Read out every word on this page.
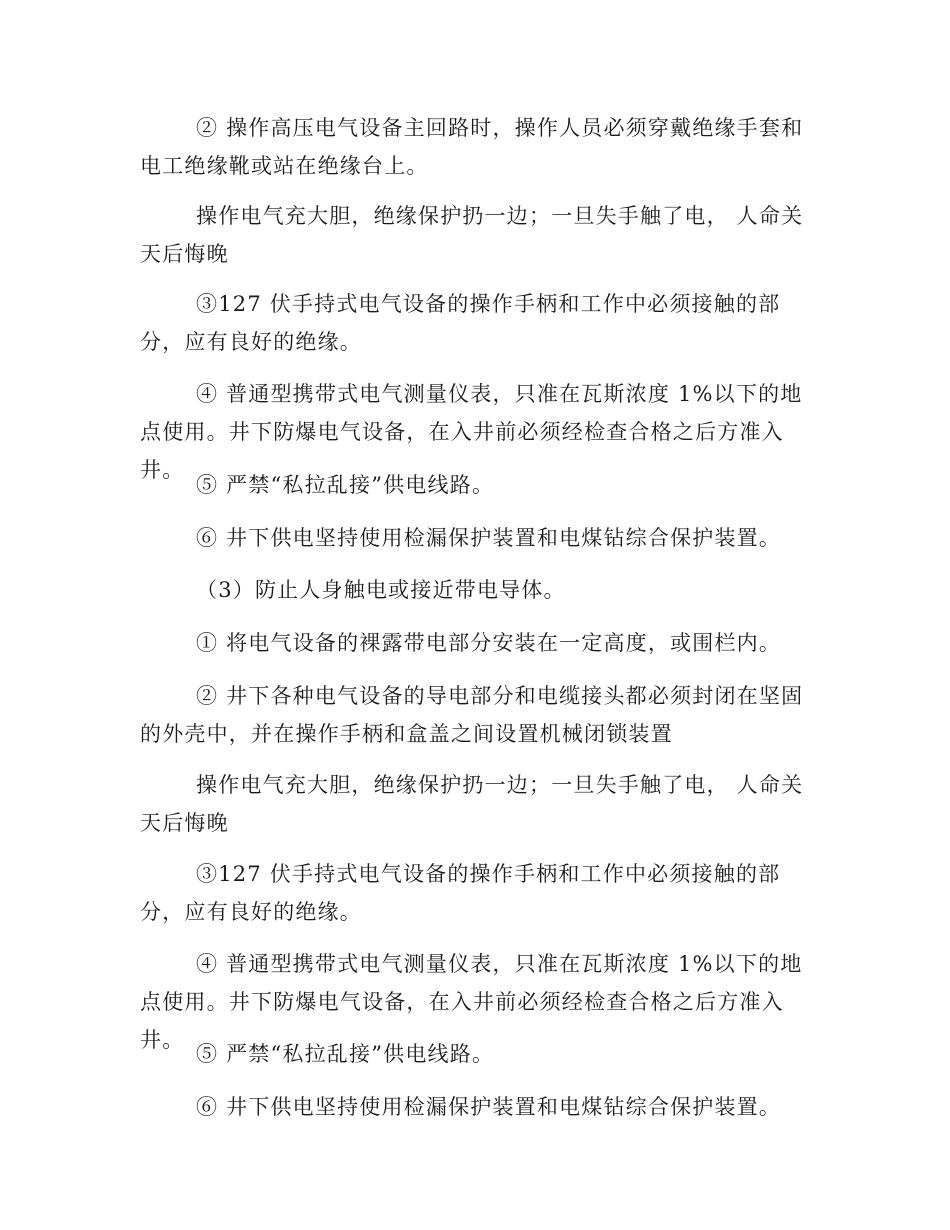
② 操作高压电气设备主回路时，操作人员必须穿戴绝缘手套和电工绝缘靴或站在绝缘台上。

操作电气充大胆，绝缘保护扔一边；一旦失手触了电， 人命关天后悔晚

③127 伏手持式电气设备的操作手柄和工作中必须接触的部分，应有良好的绝缘。

④ 普通型携带式电气测量仪表，只准在瓦斯浓度 1%以下的地点使用。井下防爆电气设备，在入井前必须经检查合格之后方准入井。

⑤ 严禁“私拉乱接”供电线路。

⑥ 井下供电坚持使用检漏保护装置和电煤钻综合保护装置。

（3）防止人身触电或接近带电导体。

① 将电气设备的裸露带电部分安装在一定高度，或围栏内。

② 井下各种电气设备的导电部分和电缆接头都必须封闭在坚固的外壳中，并在操作手柄和盒盖之间设置机械闭锁装置

操作电气充大胆，绝缘保护扔一边；一旦失手触了电， 人命关天后悔晚

③127 伏手持式电气设备的操作手柄和工作中必须接触的部分，应有良好的绝缘。

④ 普通型携带式电气测量仪表，只准在瓦斯浓度 1%以下的地点使用。井下防爆电气设备，在入井前必须经检查合格之后方准入井。

⑤ 严禁“私拉乱接”供电线路。

⑥ 井下供电坚持使用检漏保护装置和电煤钻综合保护装置。
